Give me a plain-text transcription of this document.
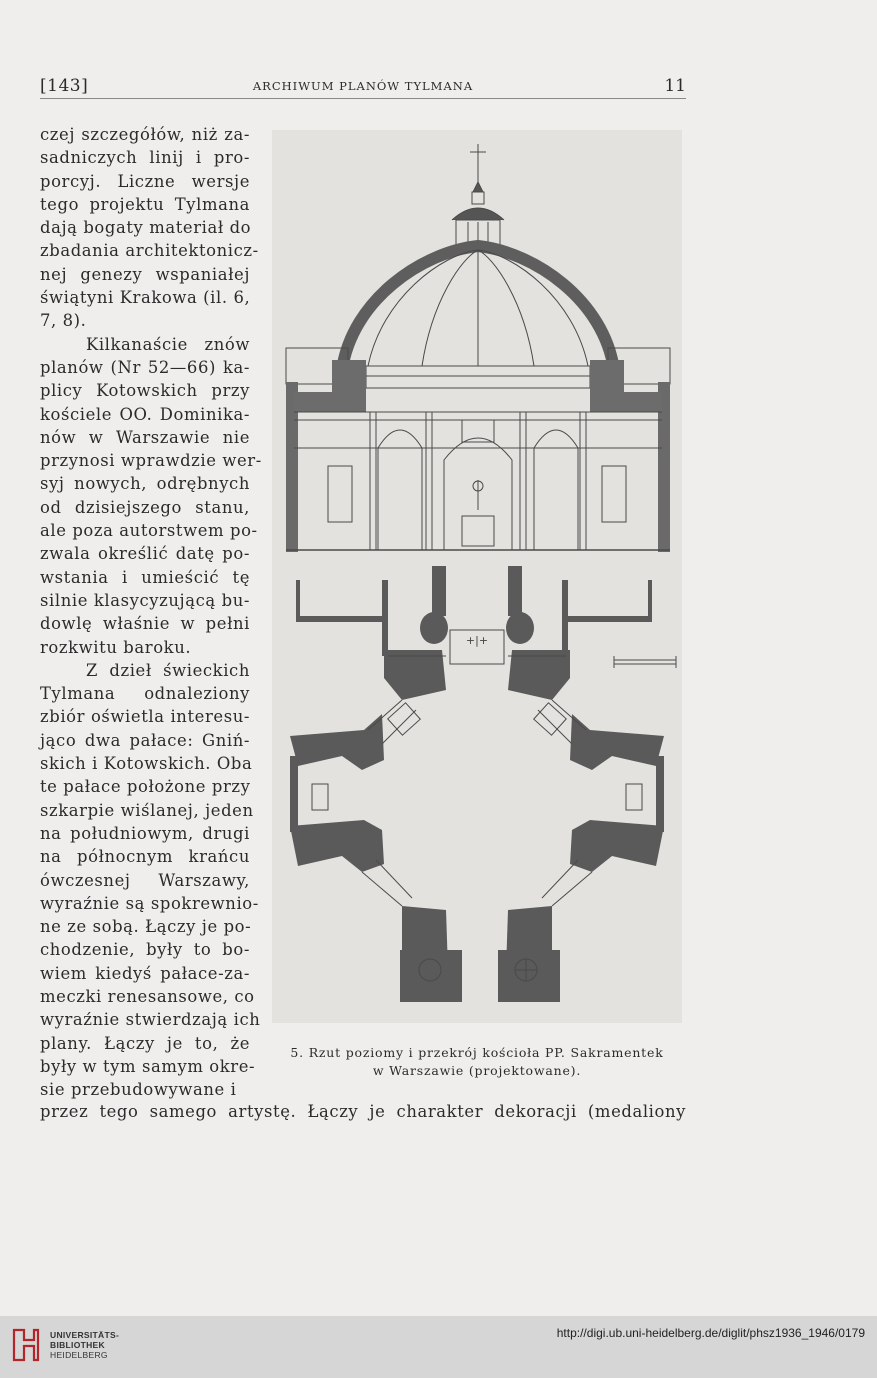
[143]	ARCHIWUM PLANÓW TYLMANA	11
czej szczegółów, niż za-
sadniczych linij i pro-
porcyj. Liczne wersje
tego projektu Tylmana
dają bogaty materiał do
zbadania architektonicz-
nej genezy wspaniałej
świątyni Krakowa (il. 6,
7, 8).
Kilkanaście znów
planów (Nr 52—66) ka-
plicy Kotowskich przy
kościele OO. Dominika-
nów w Warszawie nie
przynosi wprawdzie wer-
syj nowych, odrębnych
od dzisiejszego stanu,
ale poza autorstwem po-
zwala określić datę po-
wstania i umieścić tę
silnie klasycyzującą bu-
dowlę właśnie w pełni
rozkwitu baroku.
Z dzieł świeckich
Tylmana odnaleziony
zbiór oświetla interesu-
jąco dwa pałace: Gniń-
skich i Kotowskich. Oba
te pałace położone przy
szkarpie wiślanej, jeden
na południowym, drugi
na północnym krańcu
ówczesnej Warszawy,
wyraźnie są spokrewnio-
ne ze sobą. Łączy je po-
chodzenie, były to bo-
wiem kiedyś pałace-za-
meczki renesansowe, co
wyraźnie stwierdzają ich
plany. Łączy je to, że
były w tym samym okre-
sie przebudowywane i
przez tego samego artystę. Łączy je charakter dekoracji (medaliony
+|+
5. Rzut poziomy i przekrój kościoła PP. Sakramentek
w Warszawie (projektowane).
UNIVERSITÄTS-
BIBLIOTHEK
HEIDELBERG
http://digi.ub.uni-heidelberg.de/diglit/phsz1936_1946/0179
